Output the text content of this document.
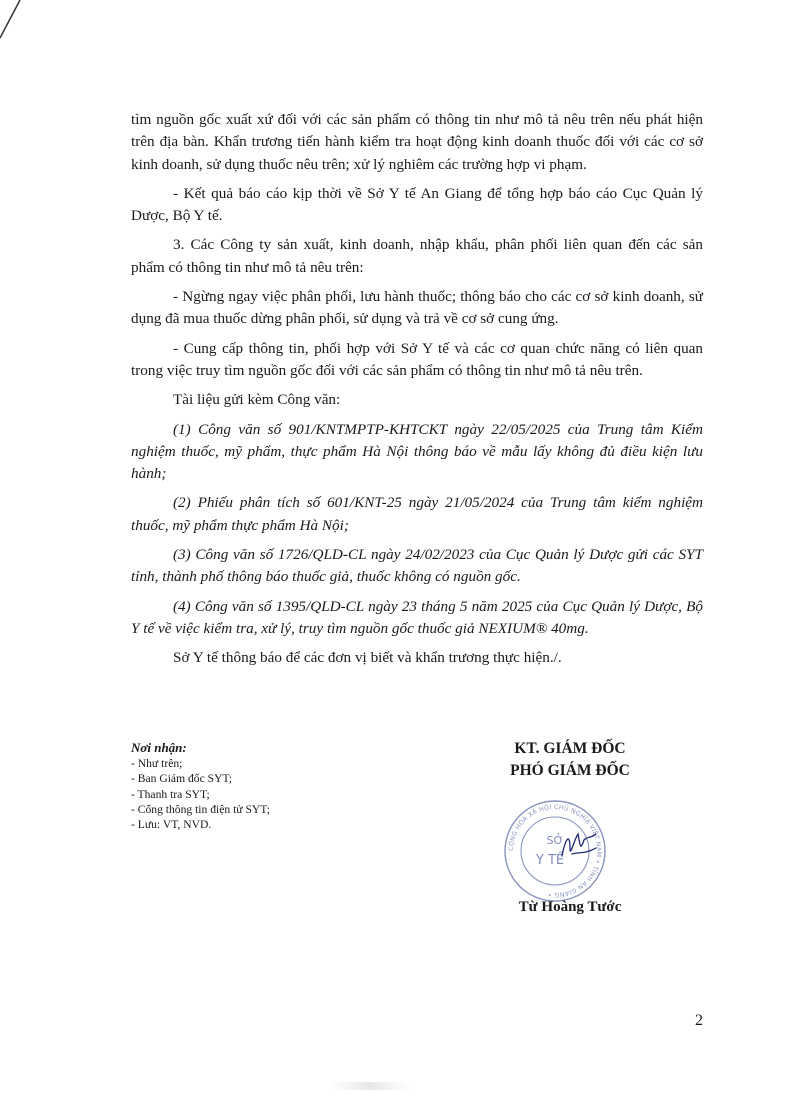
tìm nguồn gốc xuất xứ đối với các sản phẩm có thông tin như mô tả nêu trên nếu phát hiện trên địa bàn. Khẩn trương tiến hành kiểm tra hoạt động kinh doanh thuốc đối với các cơ sở kinh doanh, sử dụng thuốc nêu trên; xử lý nghiêm các trường hợp vi phạm.

- Kết quả báo cáo kịp thời về Sở Y tế An Giang để tổng hợp báo cáo Cục Quản lý Dược, Bộ Y tế.

3. Các Công ty sản xuất, kinh doanh, nhập khẩu, phân phối liên quan đến các sản phẩm có thông tin như mô tả nêu trên:

- Ngừng ngay việc phân phối, lưu hành thuốc; thông báo cho các cơ sở kinh doanh, sử dụng đã mua thuốc dừng phân phối, sử dụng và trả về cơ sở cung ứng.

- Cung cấp thông tin, phối hợp với Sở Y tế và các cơ quan chức năng có liên quan trong việc truy tìm nguồn gốc đối với các sản phẩm có thông tin như mô tả nêu trên.

Tài liệu gửi kèm Công văn:

(1) Công văn số 901/KNTMPTP-KHTCKT ngày 22/05/2025 của Trung tâm Kiểm nghiệm thuốc, mỹ phẩm, thực phẩm Hà Nội thông báo về mẫu lấy không đủ điều kiện lưu hành;

(2) Phiếu phân tích số 601/KNT-25 ngày 21/05/2024 của Trung tâm kiểm nghiệm thuốc, mỹ phẩm thực phẩm Hà Nội;

(3) Công văn số 1726/QLD-CL ngày 24/02/2023 của Cục Quản lý Dược gửi các SYT tỉnh, thành phố thông báo thuốc giả, thuốc không có nguồn gốc.

(4) Công văn số 1395/QLD-CL ngày 23 tháng 5 năm 2025 của Cục Quản lý Dược, Bộ Y tế về việc kiểm tra, xử lý, truy tìm nguồn gốc thuốc giả NEXIUM® 40mg.

Sở Y tế thông báo để các đơn vị biết và khẩn trương thực hiện./.

Nơi nhận:
- Như trên;
- Ban Giám đốc SYT;
- Thanh tra SYT;
- Cổng thông tin điện tử SYT;
- Lưu: VT, NVD.
KT. GIÁM ĐỐC
PHÓ GIÁM ĐỐC
CỘNG HÒA XÃ HỘI CHỦ NGHĨA VIỆT NAM • TỈNH AN GIANG •
SỞ
Y TẾ
Từ Hoàng Tước
2
